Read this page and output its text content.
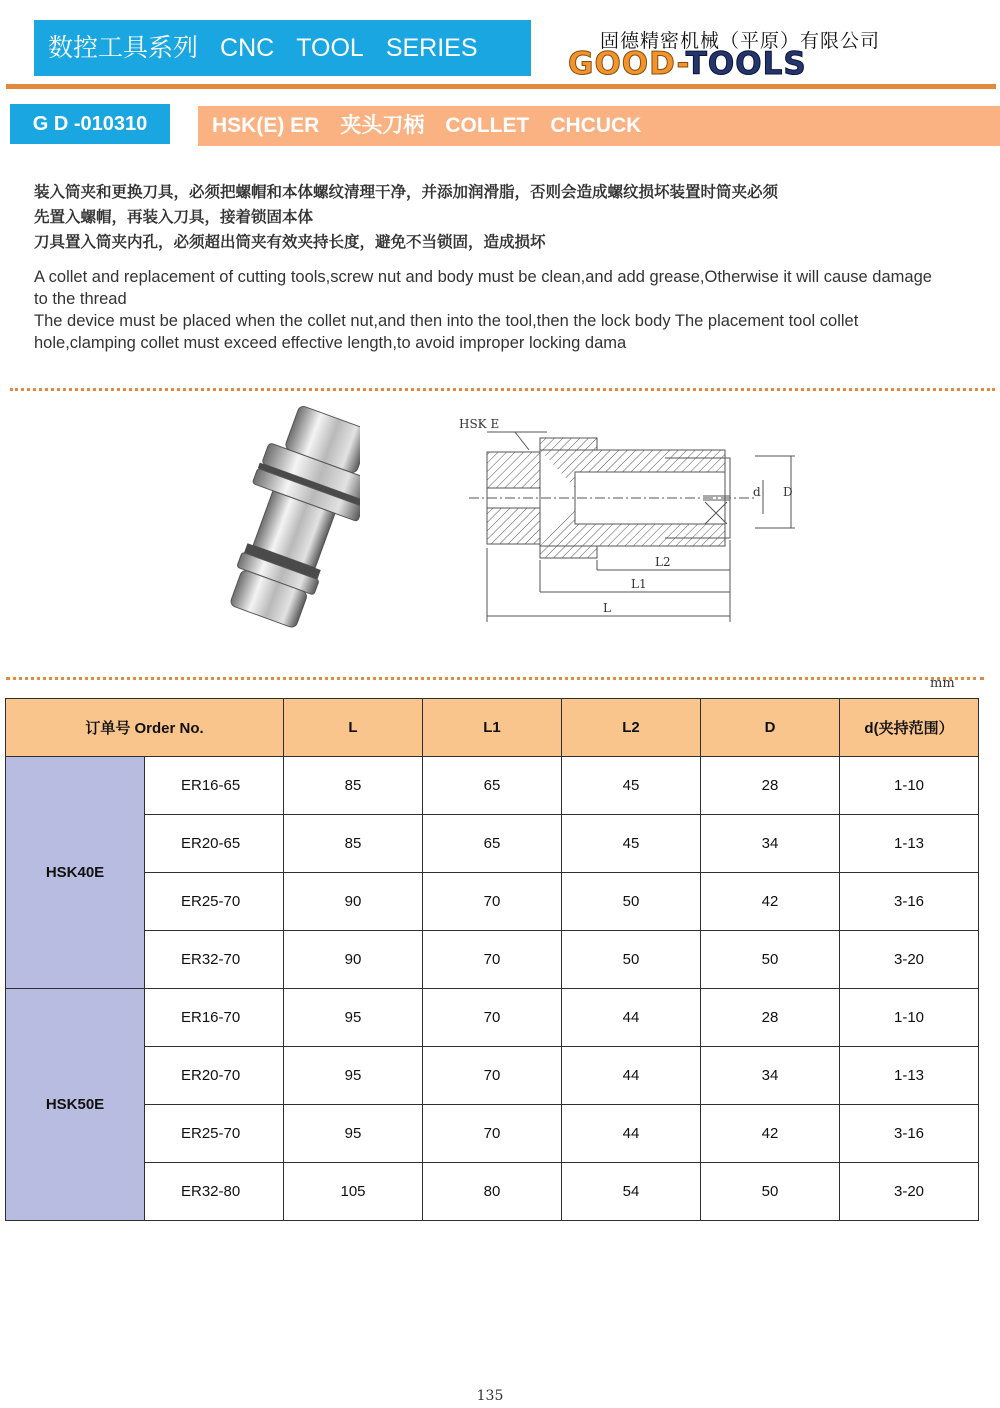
数控工具系列 CNC TOOL SERIES	固德精密机械（平原）有限公司
GOOD-TOOLS
G D -010310	HSK(E) ER　夹头刀柄　COLLET　CHCUCK
装入筒夹和更换刀具，必须把螺帽和本体螺纹清理干净，并添加润滑脂，否则会造成螺纹损坏装置时筒夹必须
先置入螺帽，再装入刀具，接着锁固本体
刀具置入筒夹内孔，必须超出筒夹有效夹持长度，避免不当锁固，造成损坏
A collet and replacement of cutting tools,screw nut and body must be clean,and add grease,Otherwise it will cause damage to the thread
The device must be placed when the collet nut,and then into the tool,then the lock body The placement tool collet hole,clamping collet must exceed effective length,to avoid improper locking dama
HSK E
L2
L1
L
D
d
mm
订单号 Order No.		L	L1	L2	D	d(夹持范围）
HSK40E	ER16-65	85	65	45	28	1-10
	ER20-65	85	65	45	34	1-13
	ER25-70	90	70	50	42	3-16
	ER32-70	90	70	50	50	3-20
HSK50E	ER16-70	95	70	44	28	1-10
	ER20-70	95	70	44	34	1-13
	ER25-70	95	70	44	42	3-16
	ER32-80	105	80	54	50	3-20
135
